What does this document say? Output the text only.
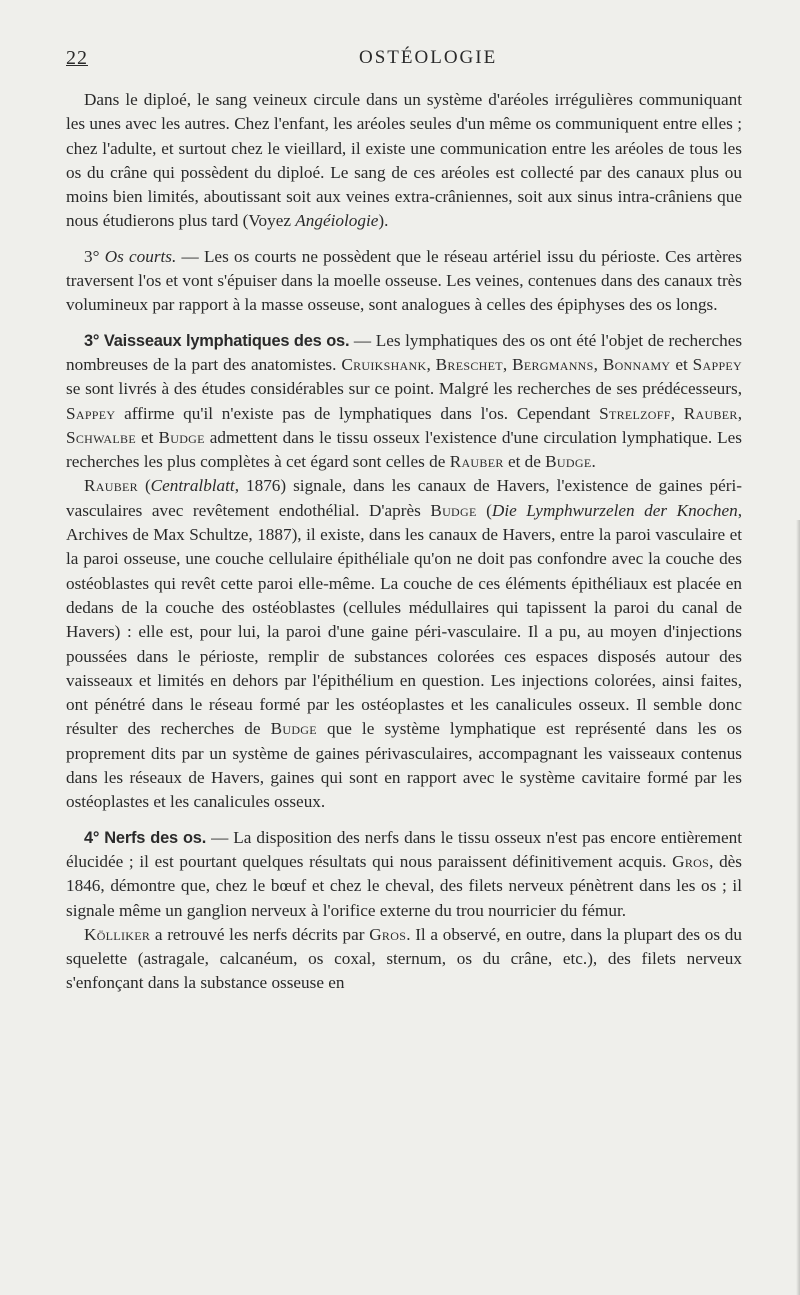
22	OSTÉOLOGIE

Dans le diploé, le sang veineux circule dans un système d'aréoles irrégulières communiquant les unes avec les autres. Chez l'enfant, les aréoles seules d'un même os communiquent entre elles ; chez l'adulte, et surtout chez le vieillard, il existe une communication entre les aréoles de tous les os du crâne qui possèdent du diploé. Le sang de ces aréoles est collecté par des canaux plus ou moins bien limités, aboutissant soit aux veines extra-crâniennes, soit aux sinus intra-crâniens que nous étudierons plus tard (Voyez Angéiologie).

3° Os courts. — Les os courts ne possèdent que le réseau artériel issu du périoste. Ces artères traversent l'os et vont s'épuiser dans la moelle osseuse. Les veines, contenues dans des canaux très volumineux par rapport à la masse osseuse, sont analogues à celles des épiphyses des os longs.

3° Vaisseaux lymphatiques des os. — Les lymphatiques des os ont été l'objet de recherches nombreuses de la part des anatomistes. Cruikshank, Breschet, Bergmanns, Bonnamy et Sappey se sont livrés à des études considérables sur ce point. Malgré les recherches de ses prédécesseurs, Sappey affirme qu'il n'existe pas de lymphatiques dans l'os. Cependant Strelzoff, Rauber, Schwalbe et Budge admettent dans le tissu osseux l'existence d'une circulation lymphatique. Les recherches les plus complètes à cet égard sont celles de Rauber et de Budge.

Rauber (Centralblatt, 1876) signale, dans les canaux de Havers, l'existence de gaines péri-vasculaires avec revêtement endothélial. D'après Budge (Die Lymphwurzelen der Knochen, Archives de Max Schultze, 1887), il existe, dans les canaux de Havers, entre la paroi vasculaire et la paroi osseuse, une couche cellulaire épithéliale qu'on ne doit pas confondre avec la couche des ostéoblastes qui revêt cette paroi elle-même. La couche de ces éléments épithéliaux est placée en dedans de la couche des ostéoblastes (cellules médullaires qui tapissent la paroi du canal de Havers) : elle est, pour lui, la paroi d'une gaine péri-vasculaire. Il a pu, au moyen d'injections poussées dans le périoste, remplir de substances colorées ces espaces disposés autour des vaisseaux et limités en dehors par l'épithélium en question. Les injections colorées, ainsi faites, ont pénétré dans le réseau formé par les ostéoplastes et les canalicules osseux. Il semble donc résulter des recherches de Budge que le système lymphatique est représenté dans les os proprement dits par un système de gaines périvasculaires, accompagnant les vaisseaux contenus dans les réseaux de Havers, gaines qui sont en rapport avec le système cavitaire formé par les ostéoplastes et les canalicules osseux.

4° Nerfs des os. — La disposition des nerfs dans le tissu osseux n'est pas encore entièrement élucidée ; il est pourtant quelques résultats qui nous paraissent définitivement acquis. Gros, dès 1846, démontre que, chez le bœuf et chez le cheval, des filets nerveux pénètrent dans les os ; il signale même un ganglion nerveux à l'orifice externe du trou nourricier du fémur.

Kölliker a retrouvé les nerfs décrits par Gros. Il a observé, en outre, dans la plupart des os du squelette (astragale, calcanéum, os coxal, sternum, os du crâne, etc.), des filets nerveux s'enfonçant dans la substance osseuse en
